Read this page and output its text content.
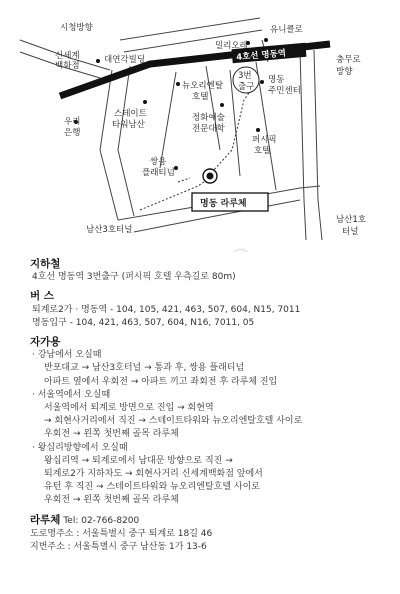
4호선 명동역
시청방향
신세계
백화점
대연각빌딩
밀리오레
유니클로
충무로
방향
뉴오리엔탈
호텔
3번
출구
명동
주민센터
스테이트
타워남산
우리
은행
정화예술
전문대학
퍼시픽
호텔
쌍용
플래티넘
남산3호터널
남산1호
터널
명동 라루체
지하철
4호선 명동역 3번출구 (퍼시픽 호텔 우측길로 80m)
버 스
퇴계로2가 · 명동역 - 104, 105, 421, 463, 507, 604, N15, 7011
명동입구 - 104, 421, 463, 507, 604, N16, 7011, 05
자가용
· 강남에서 오실때
반포대교 → 남산3호터널 → 통과 후, 쌍용 플래티넘
아파트 옆에서 우회전 → 아파트 끼고 좌회전 후 라루체 진입
· 서울역에서 오실때
서울역에서 퇴계로 방면으로 진입 → 회현역
→ 회현사거리에서 직진 → 스테이트타워와 뉴오리엔탈호텔 사이로
우회전 → 왼쪽 첫번째 골목 라루체
· 왕십리방향에서 오실때
왕십리역 → 퇴계로에서 남대문 방향으로 직진 →
퇴계로2가 지하차도 → 회현사거리 신세계백화점 앞에서
유턴 후 직진 → 스테이트타워와 뉴오리엔탈호텔 사이로
우회전 → 왼쪽 첫번째 골목 라루체
라루체 Tel: 02-766-8200
도로명주소 : 서울특별시 중구 퇴계로 18길 46
지번주소 : 서울특별시 중구 남산동 1가 13-6
